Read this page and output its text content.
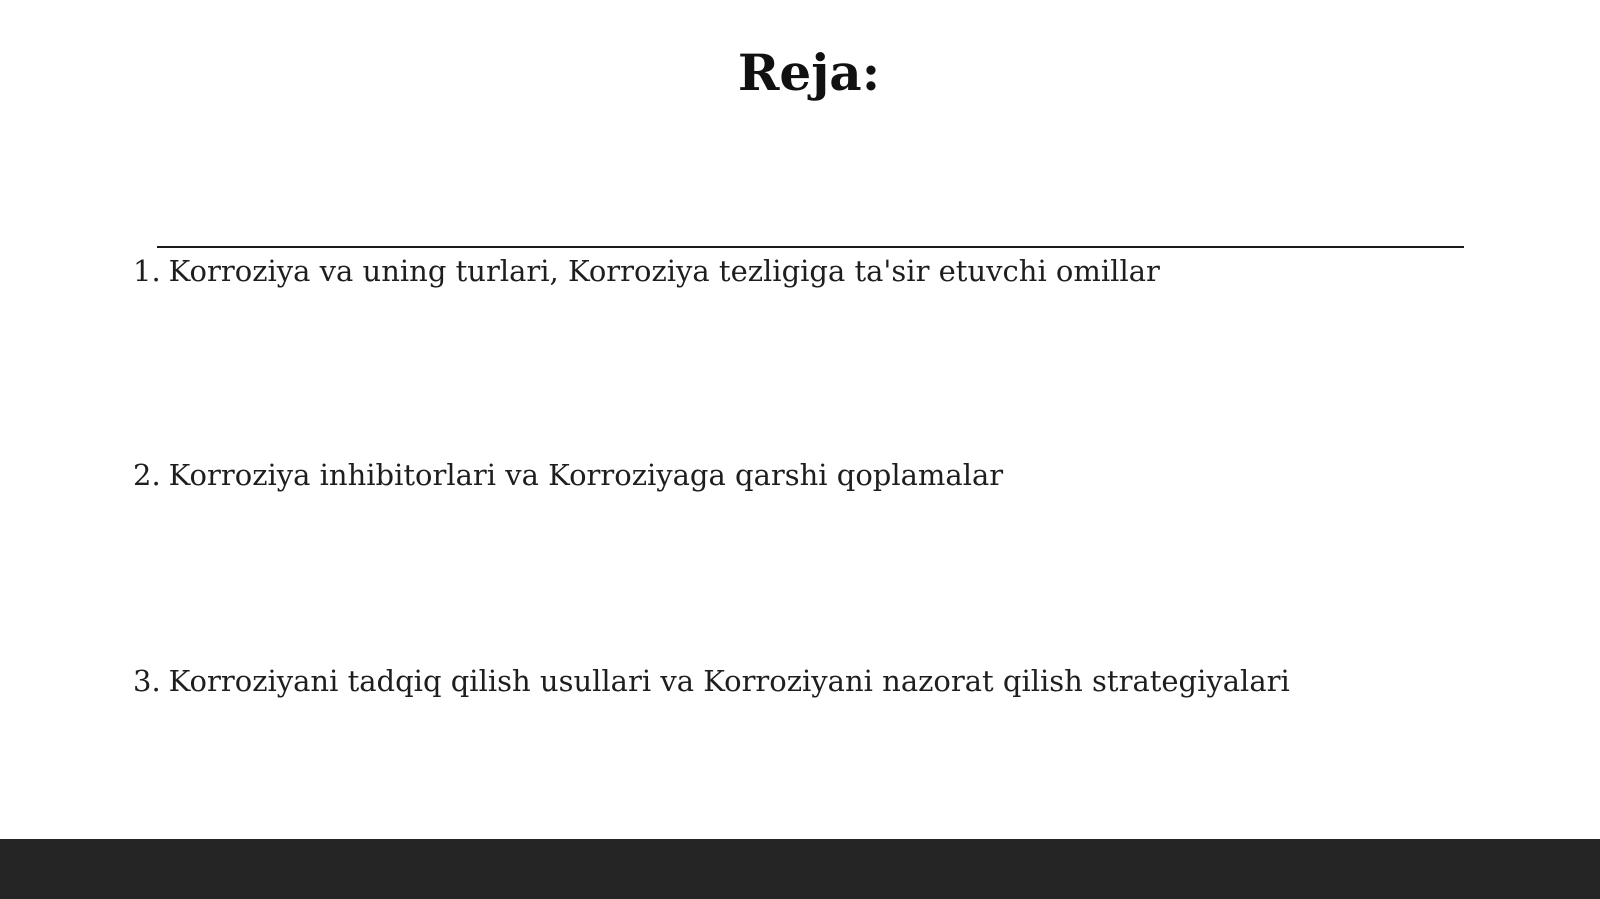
Reja:
1. Korroziya va uning turlari, Korroziya tezligiga ta'sir etuvchi omillar
2. Korroziya inhibitorlari va Korroziyaga qarshi qoplamalar
3. Korroziyani tadqiq qilish usullari va Korroziyani nazorat qilish strategiyalari
